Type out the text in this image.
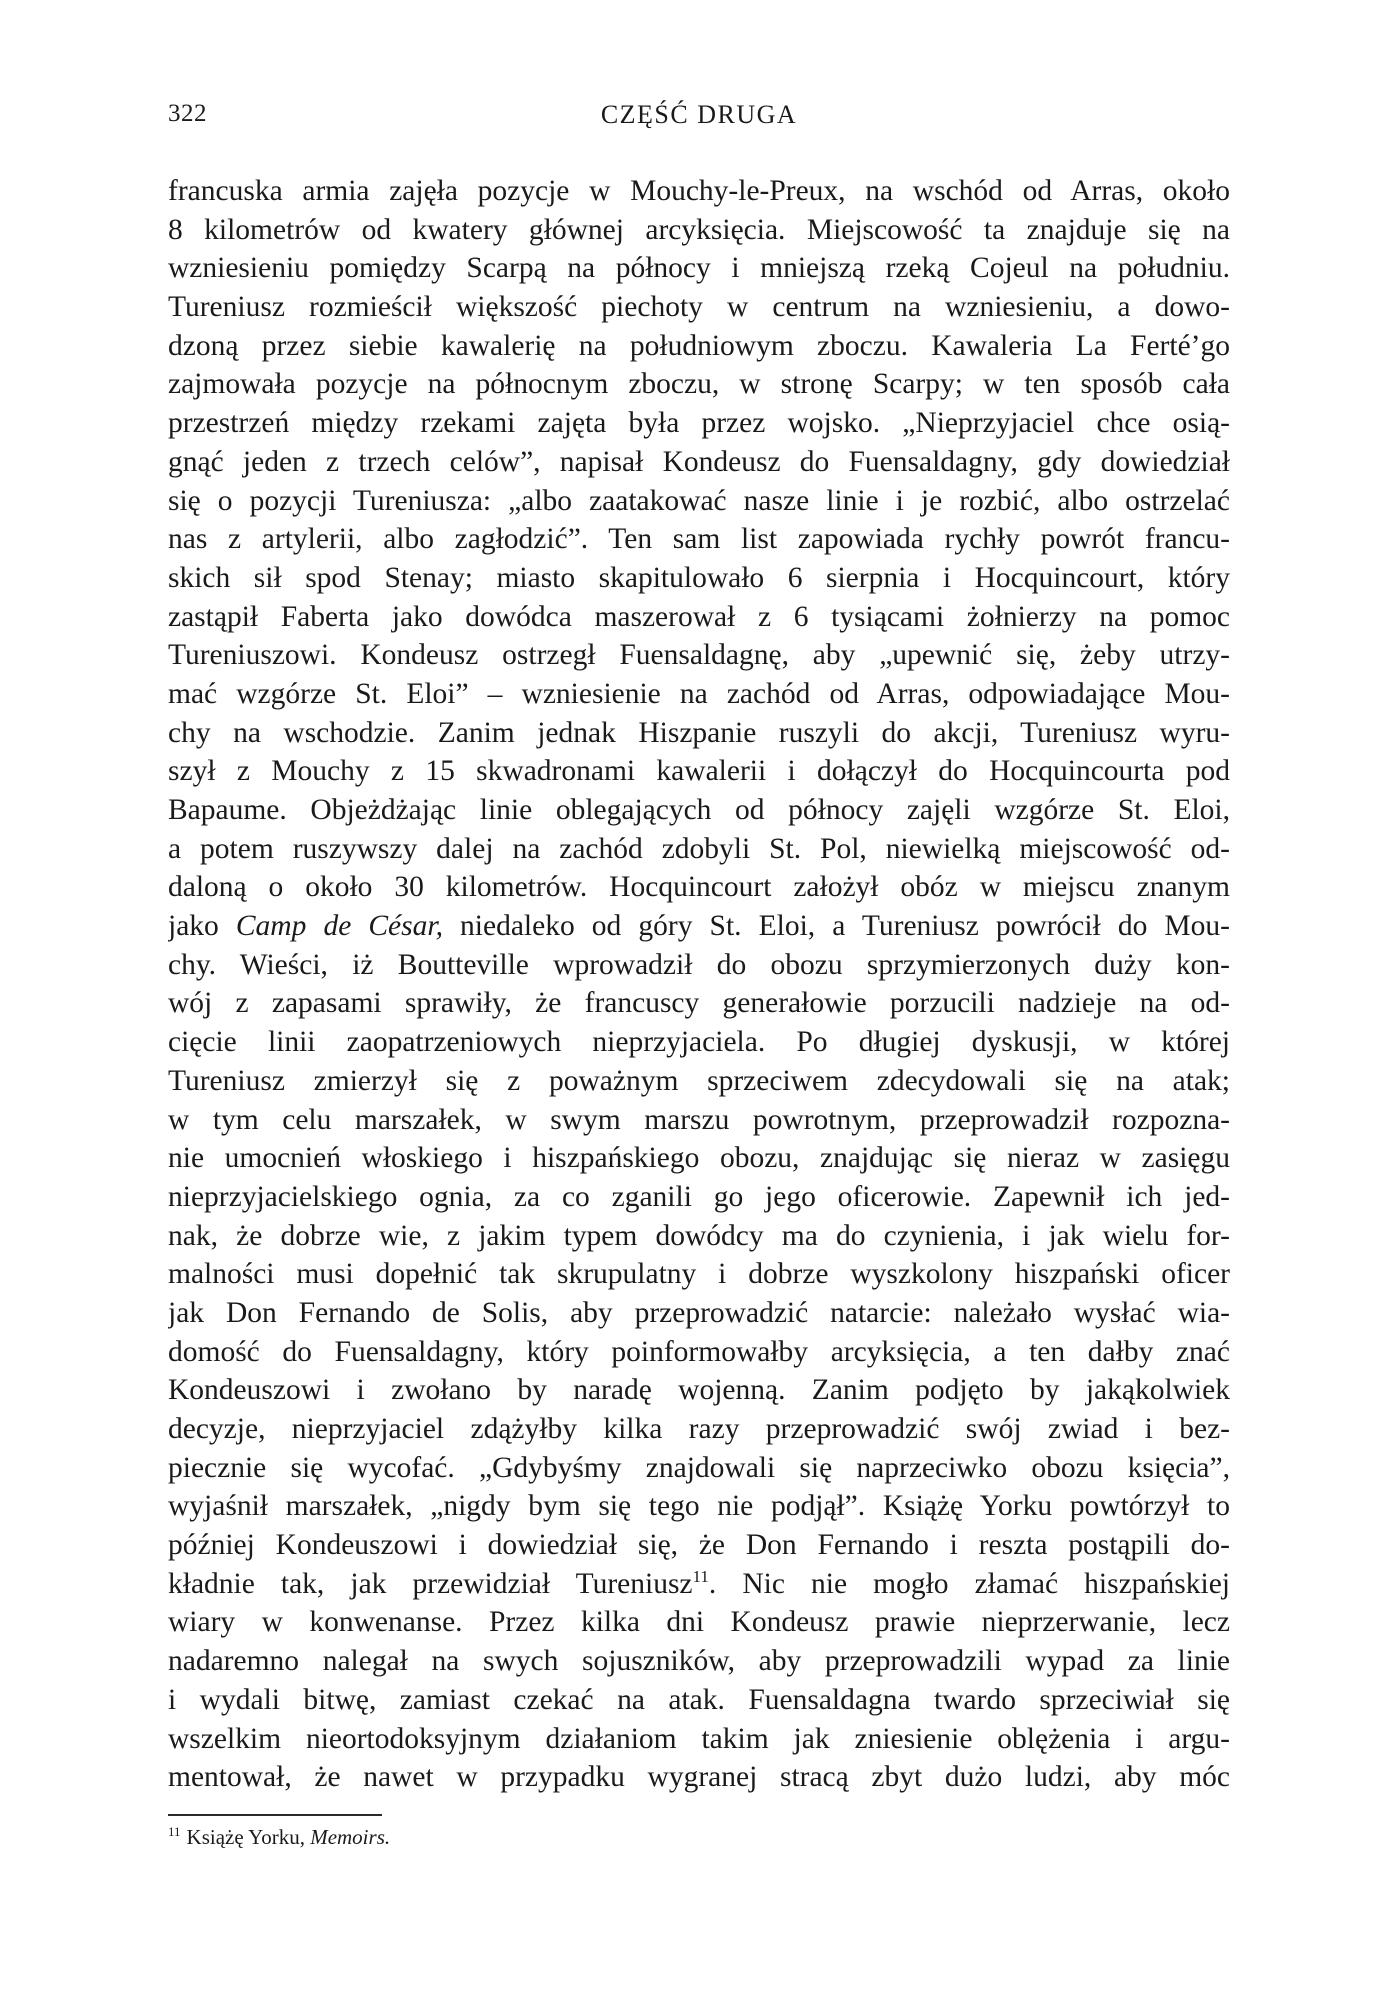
322	CZĘŚĆ DRUGA
francuska armia zajęła pozycje w Mouchy-le-Preux, na wschód od Arras, około
8 kilometrów od kwatery głównej arcyksięcia. Miejscowość ta znajduje się na
wzniesieniu pomiędzy Scarpą na północy i mniejszą rzeką Cojeul na południu.
Tureniusz rozmieścił większość piechoty w centrum na wzniesieniu, a dowo-
dzoną przez siebie kawalerię na południowym zboczu. Kawaleria La Ferté’go
zajmowała pozycje na północnym zboczu, w stronę Scarpy; w ten sposób cała
przestrzeń między rzekami zajęta była przez wojsko. „Nieprzyjaciel chce osią-
gnąć jeden z trzech celów”, napisał Kondeusz do Fuensaldagny, gdy dowiedział
się o pozycji Tureniusza: „albo zaatakować nasze linie i je rozbić, albo ostrzelać
nas z artylerii, albo zagłodzić”. Ten sam list zapowiada rychły powrót francu-
skich sił spod Stenay; miasto skapitulowało 6 sierpnia i Hocquincourt, który
zastąpił Faberta jako dowódca maszerował z 6 tysiącami żołnierzy na pomoc
Tureniuszowi. Kondeusz ostrzegł Fuensaldagnę, aby „upewnić się, żeby utrzy-
mać wzgórze St. Eloi” – wzniesienie na zachód od Arras, odpowiadające Mou-
chy na wschodzie. Zanim jednak Hiszpanie ruszyli do akcji, Tureniusz wyru-
szył z Mouchy z 15 skwadronami kawalerii i dołączył do Hocquincourta pod
Bapaume. Objeżdżając linie oblegających od północy zajęli wzgórze St. Eloi,
a potem ruszywszy dalej na zachód zdobyli St. Pol, niewielką miejscowość od-
daloną o około 30 kilometrów. Hocquincourt założył obóz w miejscu znanym
jako Camp de César, niedaleko od góry St. Eloi, a Tureniusz powrócił do Mou-
chy. Wieści, iż Boutteville wprowadził do obozu sprzymierzonych duży kon-
wój z zapasami sprawiły, że francuscy generałowie porzucili nadzieje na od-
cięcie linii zaopatrzeniowych nieprzyjaciela. Po długiej dyskusji, w której
Tureniusz zmierzył się z poważnym sprzeciwem zdecydowali się na atak;
w tym celu marszałek, w swym marszu powrotnym, przeprowadził rozpozna-
nie umocnień włoskiego i hiszpańskiego obozu, znajdując się nieraz w zasięgu
nieprzyjacielskiego ognia, za co zganili go jego oficerowie. Zapewnił ich jed-
nak, że dobrze wie, z jakim typem dowódcy ma do czynienia, i jak wielu for-
malności musi dopełnić tak skrupulatny i dobrze wyszkolony hiszpański oficer
jak Don Fernando de Solis, aby przeprowadzić natarcie: należało wysłać wia-
domość do Fuensaldagny, który poinformowałby arcyksięcia, a ten dałby znać
Kondeuszowi i zwołano by naradę wojenną. Zanim podjęto by jakąkolwiek
decyzje, nieprzyjaciel zdążyłby kilka razy przeprowadzić swój zwiad i bez-
piecznie się wycofać. „Gdybyśmy znajdowali się naprzeciwko obozu księcia”,
wyjaśnił marszałek, „nigdy bym się tego nie podjął”. Książę Yorku powtórzył to
później Kondeuszowi i dowiedział się, że Don Fernando i reszta postąpili do-
kładnie tak, jak przewidział Tureniusz$^{11}$. Nic nie mogło złamać hiszpańskiej
wiary w konwenanse. Przez kilka dni Kondeusz prawie nieprzerwanie, lecz
nadaremno nalegał na swych sojuszników, aby przeprowadzili wypad za linie
i wydali bitwę, zamiast czekać na atak. Fuensaldagna twardo sprzeciwiał się
wszelkim nieortodoksyjnym działaniom takim jak zniesienie oblężenia i argu-
mentował, że nawet w przypadku wygranej stracą zbyt dużo ludzi, aby móc
$^{11}$ Książę Yorku, Memoirs.
